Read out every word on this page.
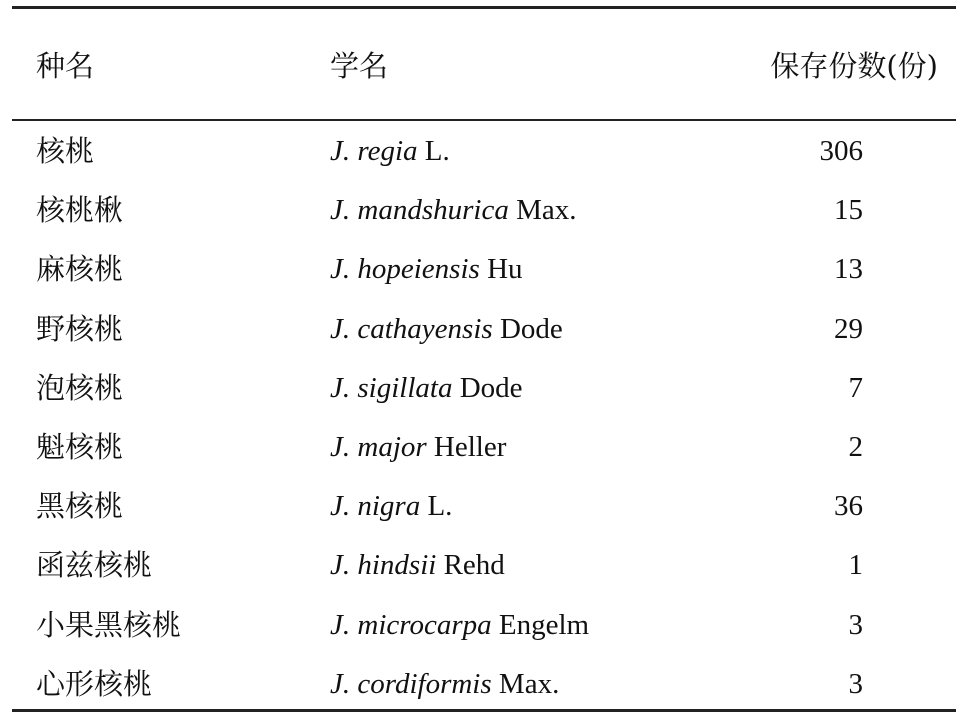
种名	学名	保存份数(份)
核桃	J. regia L.	306
核桃楸	J. mandshurica Max.	15
麻核桃	J. hopeiensis Hu	13
野核桃	J. cathayensis Dode	29
泡核桃	J. sigillata Dode	7
魁核桃	J. major Heller	2
黑核桃	J. nigra L.	36
函兹核桃	J. hindsii Rehd	1
小果黑核桃	J. microcarpa Engelm	3
心形核桃	J. cordiformis Max.	3
